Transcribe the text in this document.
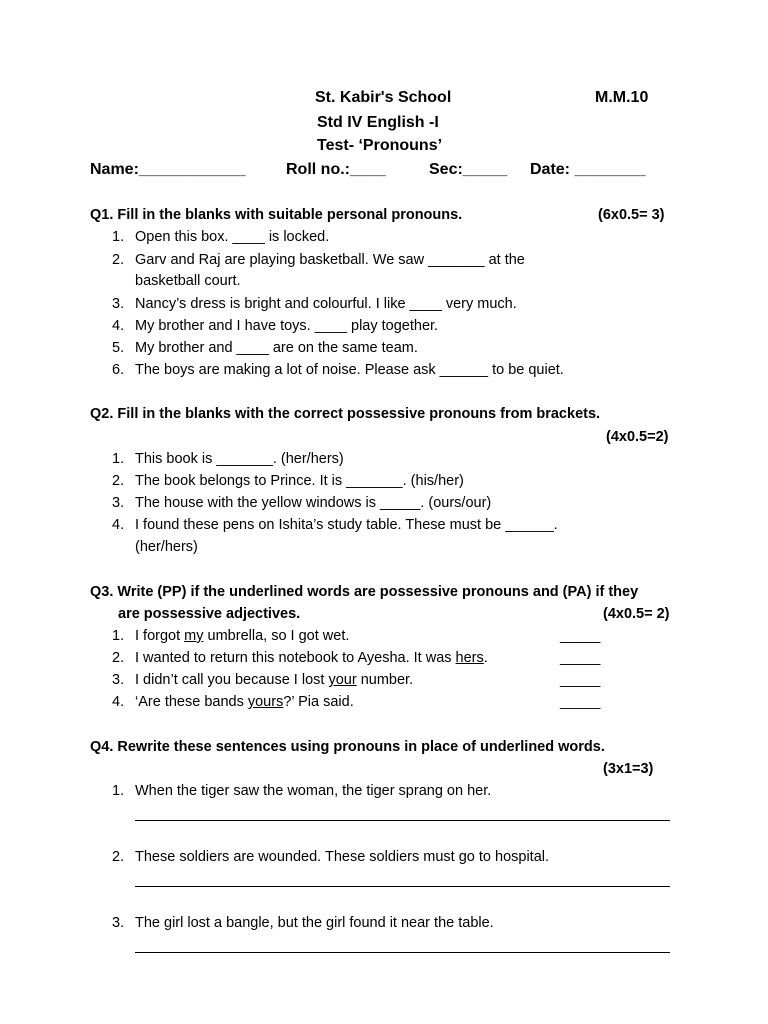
St. Kabir's School	M.M.10
Std IV English -I
Test- ‘Pronouns’
Name:____________	Roll no.:____	Sec:_____ Date: ________
Q1. Fill in the blanks with suitable personal pronouns.	(6x0.5= 3)
1. Open this box. ____ is locked.
2. Garv and Raj are playing basketball. We saw _______ at the
basketball court.
3. Nancy’s dress is bright and colourful. I like ____ very much.
4. My brother and I have toys. ____ play together.
5. My brother and ____ are on the same team.
6. The boys are making a lot of noise. Please ask ______ to be quiet.
Q2. Fill in the blanks with the correct possessive pronouns from brackets.
(4x0.5=2)
1. This book is _______. (her/hers)
2. The book belongs to Prince. It is _______. (his/her)
3. The house with the yellow windows is _____. (ours/our)
4. I found these pens on Ishita’s study table. These must be ______.
(her/hers)
Q3. Write (PP) if the underlined words are possessive pronouns and (PA) if they
are possessive adjectives.	(4x0.5= 2)
1. I forgot my umbrella, so I got wet.	_____
2. I wanted to return this notebook to Ayesha. It was hers.	_____
3. I didn’t call you because I lost your number.	_____
4. ‘Are these bands yours?’ Pia said.	_____
Q4. Rewrite these sentences using pronouns in place of underlined words.
(3x1=3)
1. When the tiger saw the woman, the tiger sprang on her.
2. These soldiers are wounded. These soldiers must go to hospital.
3. The girl lost a bangle, but the girl found it near the table.
